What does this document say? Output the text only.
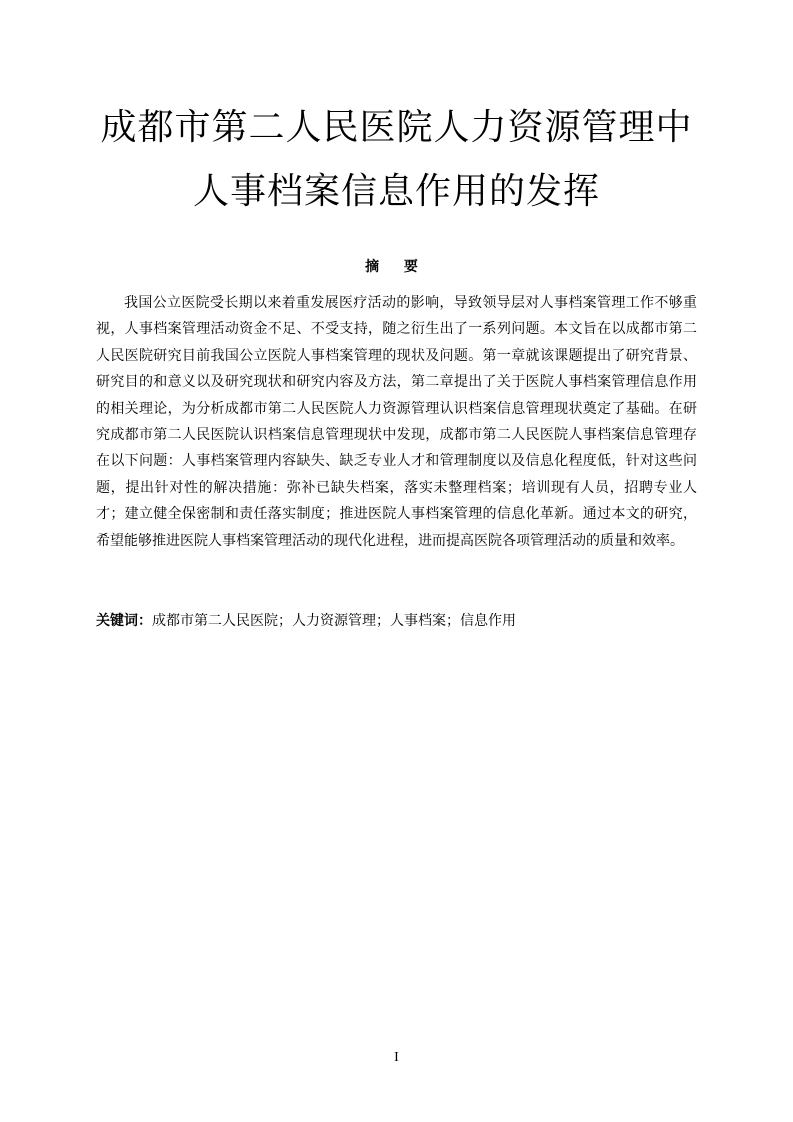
成都市第二人民医院人力资源管理中人事档案信息作用的发挥
摘 要

我国公立医院受长期以来着重发展医疗活动的影响，导致领导层对人事档案管理工作不够重视，人事档案管理活动资金不足、不受支持，随之衍生出了一系列问题。本文旨在以成都市第二人民医院研究目前我国公立医院人事档案管理的现状及问题。第一章就该课题提出了研究背景、研究目的和意义以及研究现状和研究内容及方法，第二章提出了关于医院人事档案管理信息作用的相关理论，为分析成都市第二人民医院人力资源管理认识档案信息管理现状奠定了基础。在研究成都市第二人民医院认识档案信息管理现状中发现，成都市第二人民医院人事档案信息管理存在以下问题：人事档案管理内容缺失、缺乏专业人才和管理制度以及信息化程度低，针对这些问题，提出针对性的解决措施：弥补已缺失档案，落实未整理档案；培训现有人员，招聘专业人才；建立健全保密制和责任落实制度；推进医院人事档案管理的信息化革新。通过本文的研究，希望能够推进医院人事档案管理活动的现代化进程，进而提高医院各项管理活动的质量和效率。

关键词：成都市第二人民医院；人力资源管理；人事档案；信息作用

I
